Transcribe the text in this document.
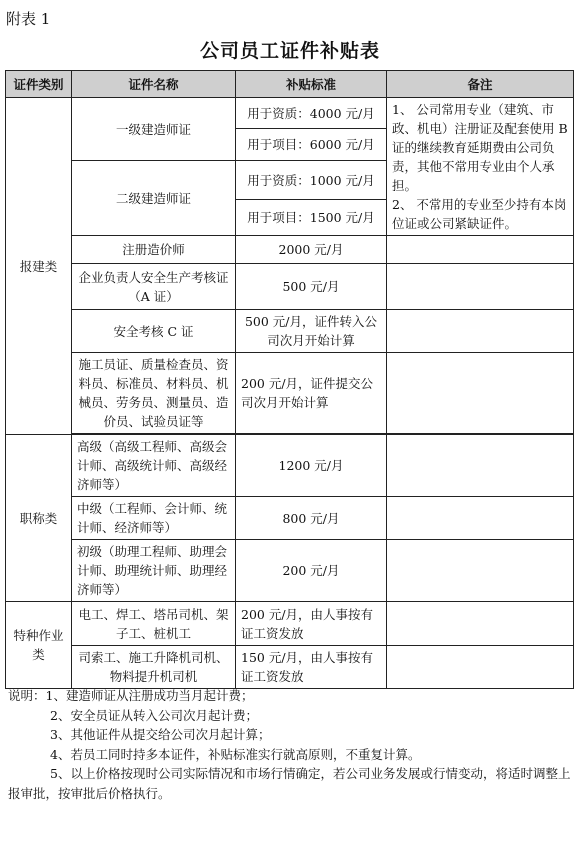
附表 1
公司员工证件补贴表
证件类别	证件名称	补贴标准	备注
报建类	一级建造师证	用于资质：4000 元/月	1、 公司常用专业（建筑、市政、机电）注册证及配套使用 B 证的继续教育延期费由公司负责，其他不常用专业由个人承担。

2、 不常用的专业至少持有本岗位证或公司紧缺证件。

		用于项目：6000 元/月	
	二级建造师证	用于资质：1000 元/月	
		用于项目：1500 元/月	
	注册造价师	2000 元/月	
	企业负责人安全生产考核证（A 证）	500 元/月	
	安全考核 C 证	500 元/月，证件转入公司次月开始计算	
	施工员证、质量检查员、资料员、标准员、材料员、机械员、劳务员、测量员、造价员、试验员证等	200 元/月，证件提交公司次月开始计算	

职称类	高级（高级工程师、高级会计师、高级统计师、高级经济师等）	1200 元/月	
	中级（工程师、会计师、统计师、经济师等）	800 元/月	
	初级（助理工程师、助理会计师、助理统计师、助理经济师等）	200 元/月	
特种作业类	电工、焊工、塔吊司机、架子工、桩机工	200 元/月，由人事按有证工资发放	
	司索工、施工升降机司机、物料提升机司机	150 元/月，由人事按有证工资发放	

说明：1、建造师证从注册成功当月起计费；

2、安全员证从转入公司次月起计费；

3、其他证件从提交给公司次月起计算；

4、若员工同时持多本证件，补贴标准实行就高原则，不重复计算。

5、以上价格按现时公司实际情况和市场行情确定，若公司业务发展或行情变动，将适时调整上报审批，按审批后价格执行。
